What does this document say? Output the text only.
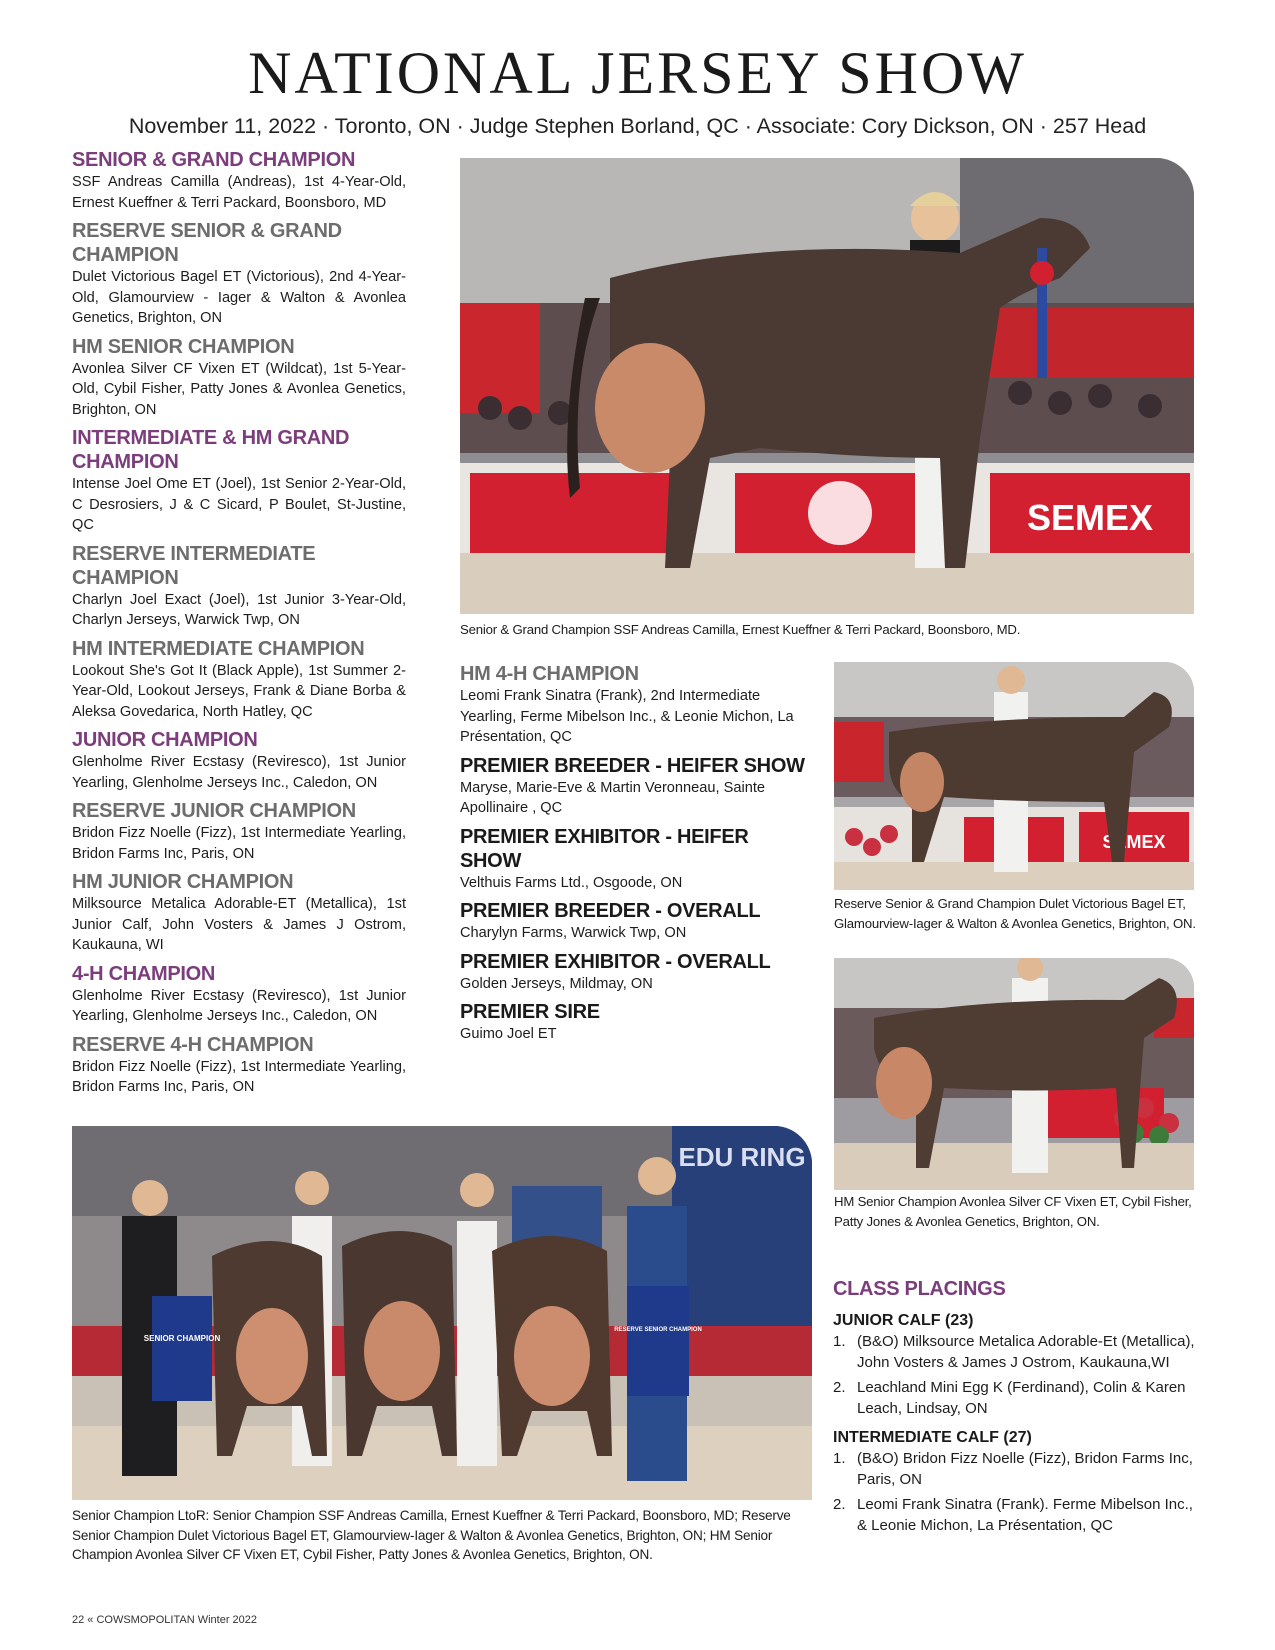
NATIONAL JERSEY SHOW
November 11, 2022 · Toronto, ON · Judge Stephen Borland, QC · Associate: Cory Dickson, ON · 257 Head
SENIOR & GRAND CHAMPION

SSF Andreas Camilla (Andreas), 1st 4-Year-Old, Ernest Kueffner & Terri Packard, Boonsboro, MD

RESERVE SENIOR & GRAND CHAMPION

Dulet Victorious Bagel ET (Victorious), 2nd 4-Year-Old, Glamourview - Iager & Walton & Avonlea Genetics, Brighton, ON

HM SENIOR CHAMPION

Avonlea Silver CF Vixen ET (Wildcat), 1st 5-Year-Old, Cybil Fisher, Patty Jones & Avonlea Genetics, Brighton, ON

INTERMEDIATE & HM GRAND CHAMPION

Intense Joel Ome ET (Joel), 1st Senior 2-Year-Old, C Desrosiers, J & C Sicard, P Boulet, St-Justine, QC

RESERVE INTERMEDIATE CHAMPION

Charlyn Joel Exact (Joel), 1st Junior 3-Year-Old, Charlyn Jerseys, Warwick Twp, ON

HM INTERMEDIATE CHAMPION

Lookout She's Got It (Black Apple), 1st Summer 2-Year-Old, Lookout Jerseys, Frank & Diane Borba & Aleksa Govedarica, North Hatley, QC

JUNIOR CHAMPION

Glenholme River Ecstasy (Reviresco), 1st Junior Yearling, Glenholme Jerseys Inc., Caledon, ON

RESERVE JUNIOR CHAMPION

Bridon Fizz Noelle (Fizz), 1st Intermediate Yearling, Bridon Farms Inc, Paris, ON

HM JUNIOR CHAMPION

Milksource Metalica Adorable-ET (Metallica), 1st Junior Calf, John Vosters & James J Ostrom, Kaukauna, WI

4-H CHAMPION

Glenholme River Ecstasy (Reviresco), 1st Junior Yearling, Glenholme Jerseys Inc., Caledon, ON

RESERVE 4-H CHAMPION

Bridon Fizz Noelle (Fizz), 1st Intermediate Yearling, Bridon Farms Inc, Paris, ON

SEMEX
Senior & Grand Champion SSF Andreas Camilla, Ernest Kueffner & Terri Packard, Boonsboro, MD.
HM 4-H CHAMPION

Leomi Frank Sinatra (Frank), 2nd Intermediate Yearling, Ferme Mibelson Inc., & Leonie Michon, La Présentation, QC

PREMIER BREEDER - HEIFER SHOW

Maryse, Marie-Eve & Martin Veronneau, Sainte Apollinaire , QC

PREMIER EXHIBITOR - HEIFER SHOW

Velthuis Farms Ltd., Osgoode, ON

PREMIER BREEDER - OVERALL

Charylyn Farms, Warwick Twp, ON

PREMIER EXHIBITOR - OVERALL

Golden Jerseys, Mildmay, ON

PREMIER SIRE

Guimo Joel ET

SEMEX
Reserve Senior & Grand Champion Dulet Victorious Bagel ET, Glamourview-Iager & Walton & Avonlea Genetics, Brighton, ON.
HM Senior Champion Avonlea Silver CF Vixen ET, Cybil Fisher, Patty Jones & Avonlea Genetics, Brighton, ON.
EDU RING
SENIOR CHAMPION
RESERVE SENIOR CHAMPION
Senior Champion LtoR: Senior Champion SSF Andreas Camilla, Ernest Kueffner & Terri Packard, Boonsboro, MD; Reserve Senior Champion Dulet Victorious Bagel ET, Glamourview-Iager & Walton & Avonlea Genetics, Brighton, ON; HM Senior Champion Avonlea Silver CF Vixen ET, Cybil Fisher, Patty Jones & Avonlea Genetics, Brighton, ON.
CLASS PLACINGS

JUNIOR CALF (23)

1. (B&O) Milksource Metalica Adorable-Et (Metallica), John Vosters & James J Ostrom, Kaukauna,WI
2. Leachland Mini Egg K (Ferdinand), Colin & Karen Leach, Lindsay, ON

INTERMEDIATE CALF (27)

1. (B&O) Bridon Fizz Noelle (Fizz), Bridon Farms Inc, Paris, ON
2. Leomi Frank Sinatra (Frank). Ferme Mibelson Inc., & Leonie Michon, La Présentation, QC
22 « COWSMOPOLITAN Winter 2022
